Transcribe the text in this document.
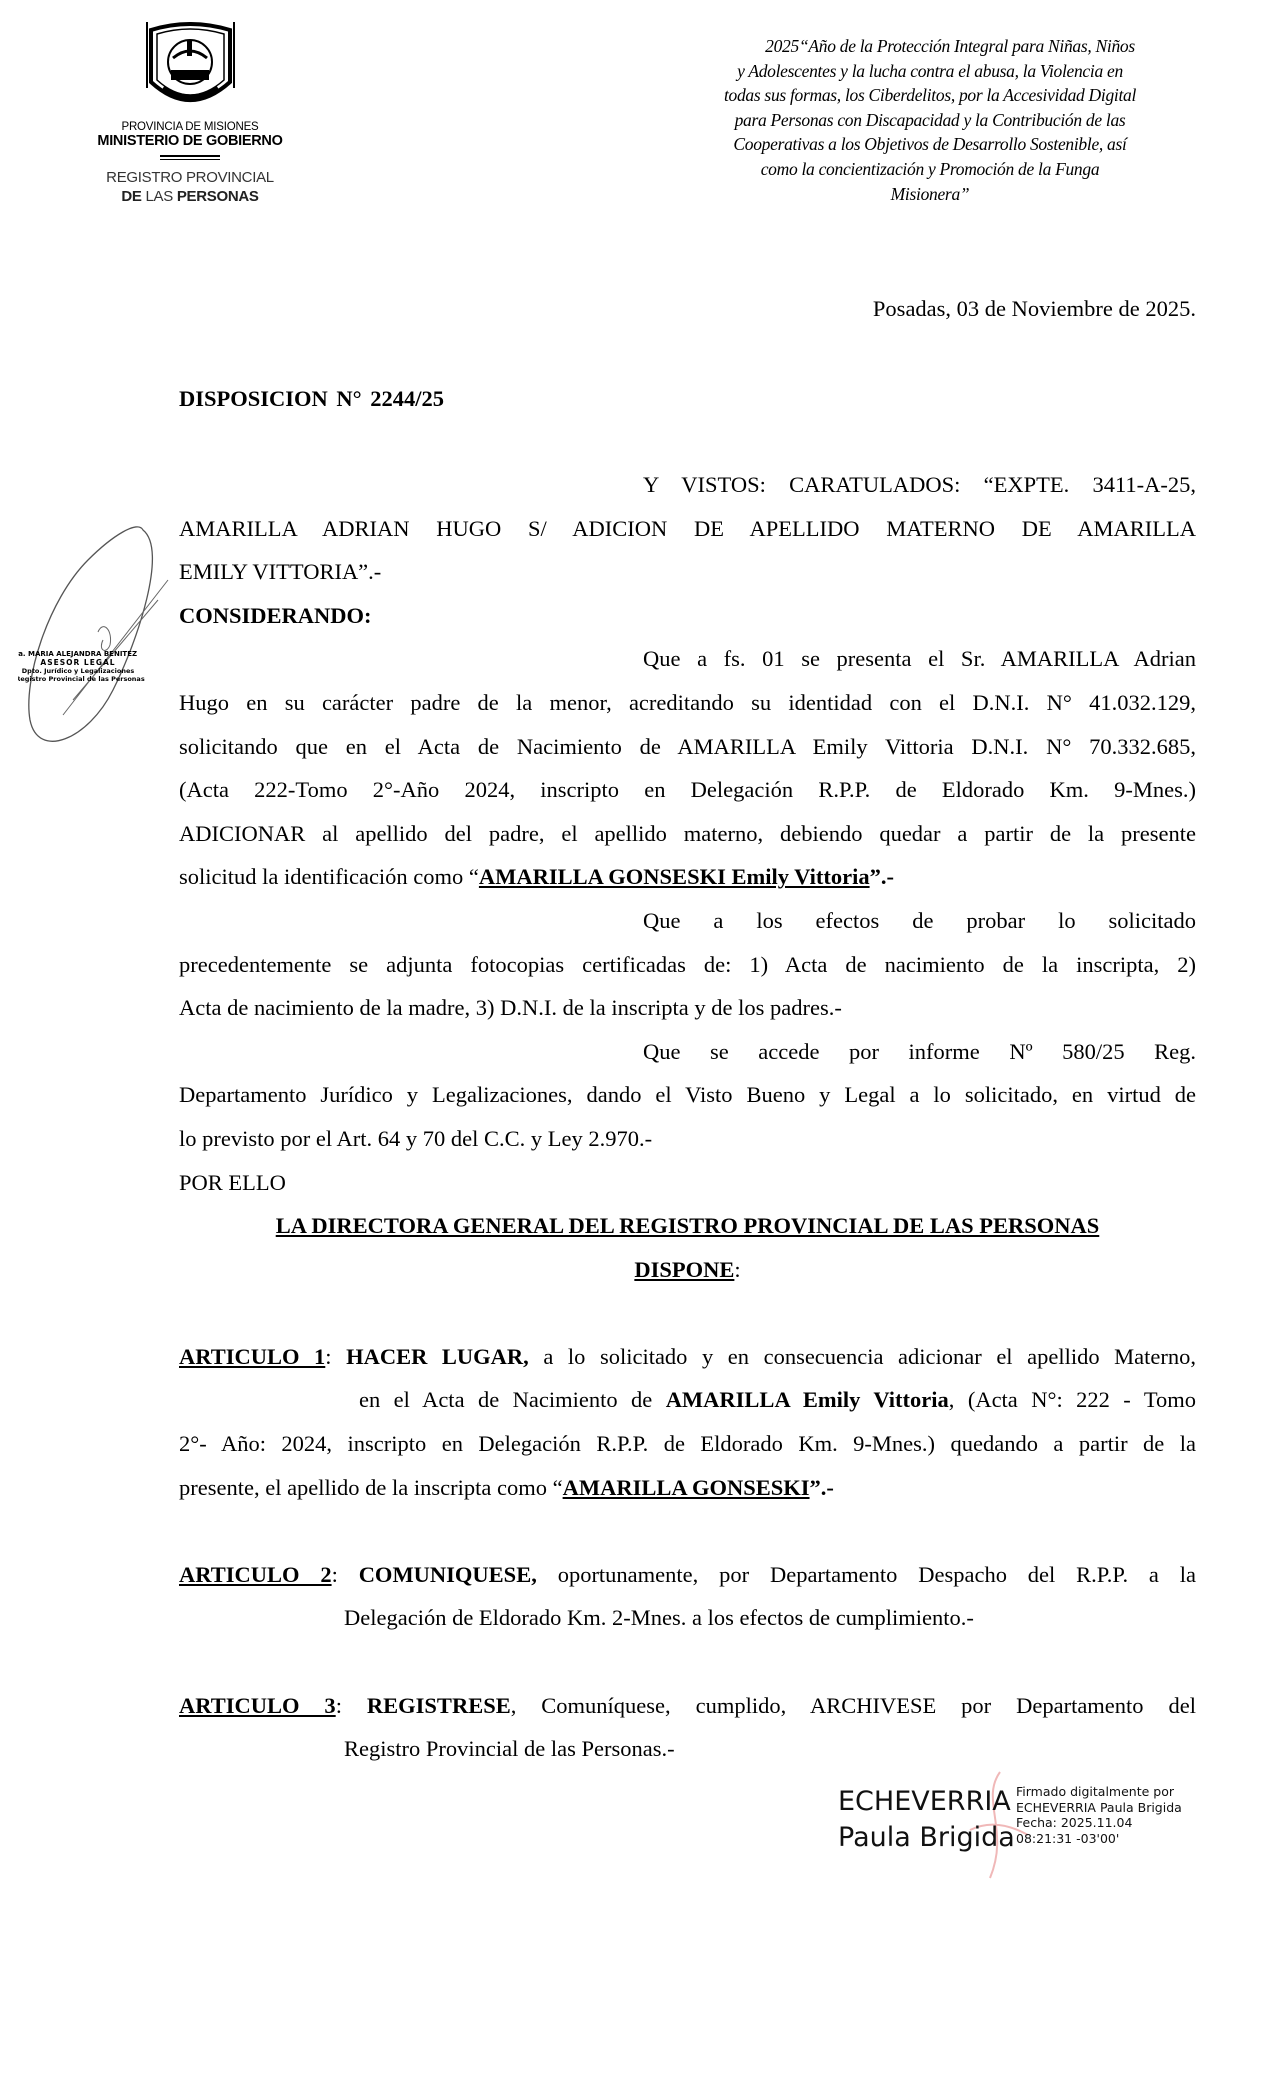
PROVINCIA DE MISIONES
MINISTERIO DE GOBIERNO
REGISTRO PROVINCIAL
DE LAS PERSONAS
2025“Año de la Protección Integral para Niñas, Niños
y Adolescentes y la lucha contra el abusa, la Violencia en
todas sus formas, los Ciberdelitos, por la Accesividad Digital
para Personas con Discapacidad y la Contribución de las
Cooperativas a los Objetivos de Desarrollo Sostenible, así
como la concientización y Promoción de la Funga
Misionera”
Posadas, 03 de Noviembre de 2025.
DISPOSICION N° 2244/25
Dra. MARIA ALEJANDRA BENITEZ
ASESOR LEGAL
Dpto. Jurídico y Legalizaciones
Registro Provincial de las Personas
Y VISTOS: CARATULADOS: “EXPTE. 3411-A-25,
AMARILLA ADRIAN HUGO S/ ADICION DE APELLIDO MATERNO DE AMARILLA
EMILY VITTORIA”.-
CONSIDERANDO:
Que a fs. 01 se presenta el Sr. AMARILLA Adrian
Hugo en su carácter padre de la menor, acreditando su identidad con el D.N.I. N° 41.032.129,
solicitando que en el Acta de Nacimiento de AMARILLA Emily Vittoria D.N.I. N° 70.332.685,
(Acta 222-Tomo 2°-Año 2024, inscripto en Delegación R.P.P. de Eldorado Km. 9-Mnes.)
ADICIONAR al apellido del padre, el apellido materno, debiendo quedar a partir de la presente
solicitud la identificación como “AMARILLA GONSESKI Emily Vittoria”.-
Que a los efectos de probar lo solicitado
precedentemente se adjunta fotocopias certificadas de: 1) Acta de nacimiento de la inscripta, 2)
Acta de nacimiento de la madre, 3) D.N.I. de la inscripta y de los padres.-
Que se accede por informe Nº 580/25 Reg.
Departamento Jurídico y Legalizaciones, dando el Visto Bueno y Legal a lo solicitado, en virtud de
lo previsto por el Art. 64 y 70 del C.C. y Ley 2.970.-
POR ELLO
LA DIRECTORA GENERAL DEL REGISTRO PROVINCIAL DE LAS PERSONAS
DISPONE:
ARTICULO 1: HACER LUGAR, a lo solicitado y en consecuencia adicionar el apellido Materno,
en el Acta de Nacimiento de AMARILLA Emily Vittoria, (Acta N°: 222 - Tomo
2°- Año: 2024, inscripto en Delegación R.P.P. de Eldorado Km. 9-Mnes.) quedando a partir de la
presente, el apellido de la inscripta como “AMARILLA GONSESKI”.-
ARTICULO 2: COMUNIQUESE, oportunamente, por Departamento Despacho del R.P.P. a la
Delegación de Eldorado Km. 2-Mnes. a los efectos de cumplimiento.-
ARTICULO 3: REGISTRESE, Comuníquese, cumplido, ARCHIVESE por Departamento del
Registro Provincial de las Personas.-
ECHEVERRIA
Paula Brigida
Firmado digitalmente por
ECHEVERRIA Paula Brigida
Fecha: 2025.11.04
08:21:31 -03'00'
